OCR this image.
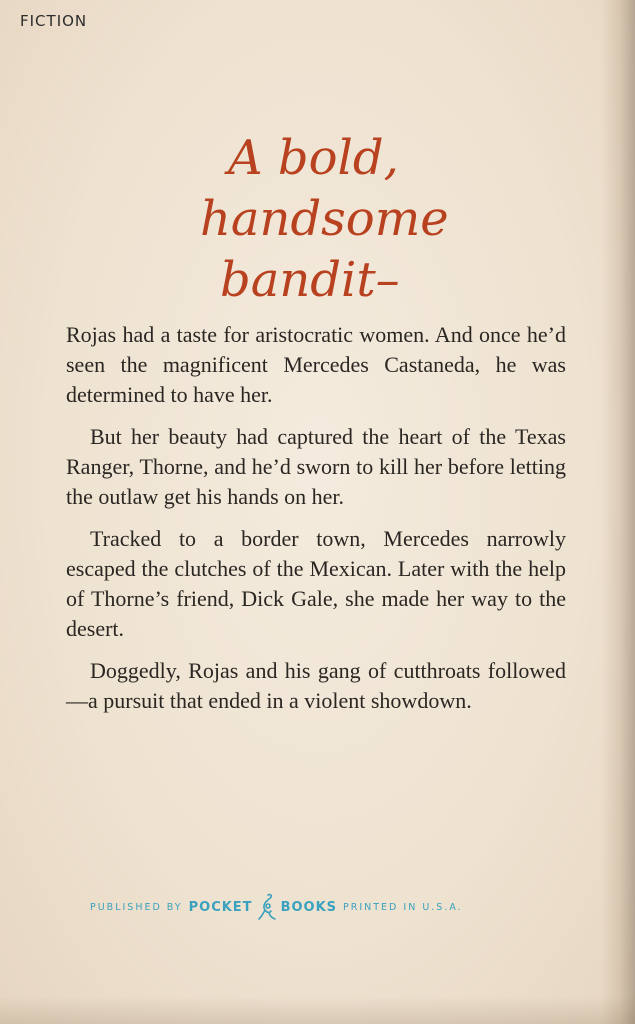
FICTION
A bold,
handsome
bandit–

Rojas had a taste for aristocratic women. And once he’d seen the magnificent Mercedes Castaneda, he was determined to have her.

But her beauty had captured the heart of the Texas Ranger, Thorne, and he’d sworn to kill her before letting the outlaw get his hands on her.

Tracked to a border town, Mercedes narrowly escaped the clutches of the Mexican. Later with the help of Thorne’s friend, Dick Gale, she made her way to the desert.

Doggedly, Rojas and his gang of cutthroats followed—a pursuit that ended in a violent showdown.

PUBLISHED BY POCKET BOOKS PRINTED IN U.S.A.
